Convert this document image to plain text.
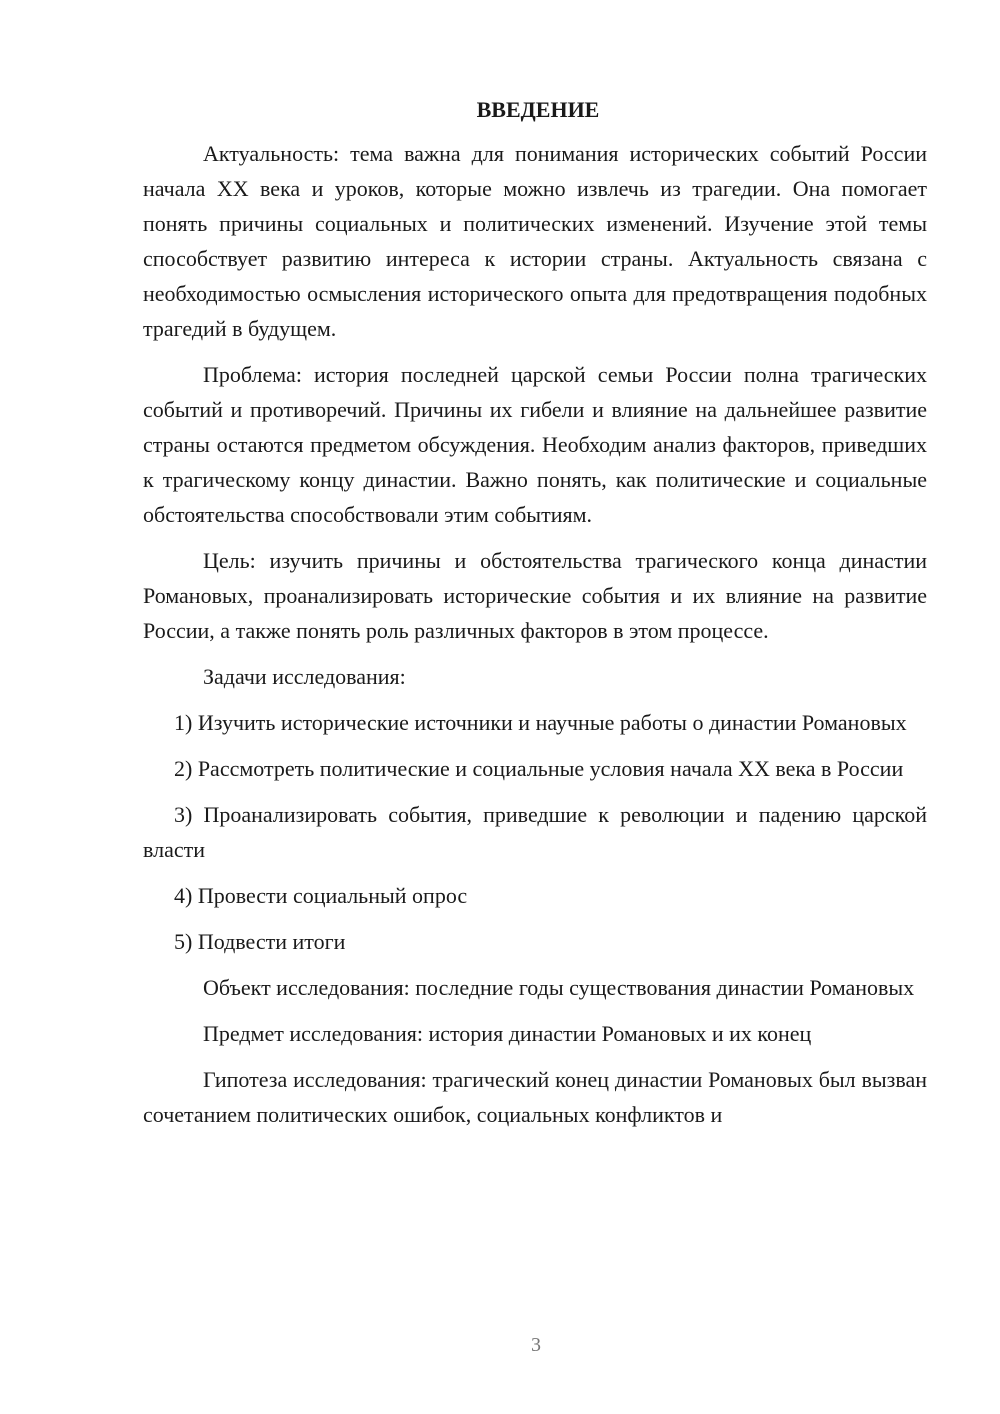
ВВЕДЕНИЕ

Актуальность: тема важна для понимания исторических событий России начала XX века и уроков, которые можно извлечь из трагедии. Она помогает понять причины социальных и политических изменений. Изучение этой темы способствует развитию интереса к истории страны. Актуальность связана с необходимостью осмысления исторического опыта для предотвращения подобных трагедий в будущем.

Проблема: история последней царской семьи России полна трагических событий и противоречий. Причины их гибели и влияние на дальнейшее развитие страны остаются предметом обсуждения. Необходим анализ факторов, приведших к трагическому концу династии. Важно понять, как политические и социальные обстоятельства способствовали этим событиям.

Цель: изучить причины и обстоятельства трагического конца династии Романовых, проанализировать исторические события и их влияние на развитие России, а также понять роль различных факторов в этом процессе.

Задачи исследования:

1) Изучить исторические источники и научные работы о династии Романовых

2) Рассмотреть политические и социальные условия начала XX века в России

3) Проанализировать события, приведшие к революции и падению царской власти

4) Провести социальный опрос

5) Подвести итоги

Объект исследования: последние годы существования династии Романовых

Предмет исследования: история династии Романовых и их конец

Гипотеза исследования: трагический конец династии Романовых был вызван сочетанием политических ошибок, социальных конфликтов и

3
